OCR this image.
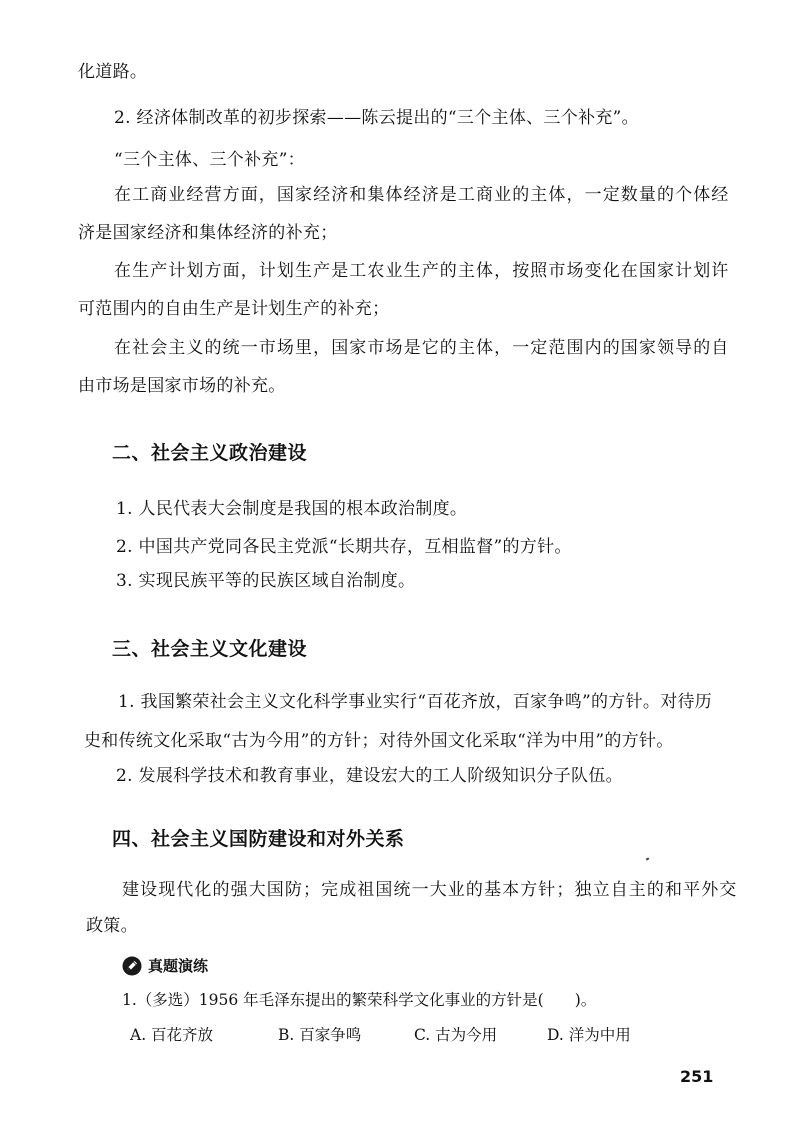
化道路。
2. 经济体制改革的初步探索——陈云提出的“三个主体、三个补充”。
“三个主体、三个补充”：
在工商业经营方面，国家经济和集体经济是工商业的主体，一定数量的个体经
济是国家经济和集体经济的补充；
在生产计划方面，计划生产是工农业生产的主体，按照市场变化在国家计划许
可范围内的自由生产是计划生产的补充；
在社会主义的统一市场里，国家市场是它的主体，一定范围内的国家领导的自
由市场是国家市场的补充。
二、社会主义政治建设
1. 人民代表大会制度是我国的根本政治制度。
2. 中国共产党同各民主党派“长期共存，互相监督”的方针。
3. 实现民族平等的民族区域自治制度。
三、社会主义文化建设
1. 我国繁荣社会主义文化科学事业实行“百花齐放，百家争鸣”的方针。对待历
史和传统文化采取“古为今用”的方针；对待外国文化采取“洋为中用”的方针。
2. 发展科学技术和教育事业，建设宏大的工人阶级知识分子队伍。
四、社会主义国防建设和对外关系
建设现代化的强大国防；完成祖国统一大业的基本方针；独立自主的和平外交
政策。
真题演练
1.（多选）1956 年毛泽东提出的繁荣科学文化事业的方针是(　　)。
A. 百花齐放	B. 百家争鸣	C. 古为今用	D. 洋为中用
251
